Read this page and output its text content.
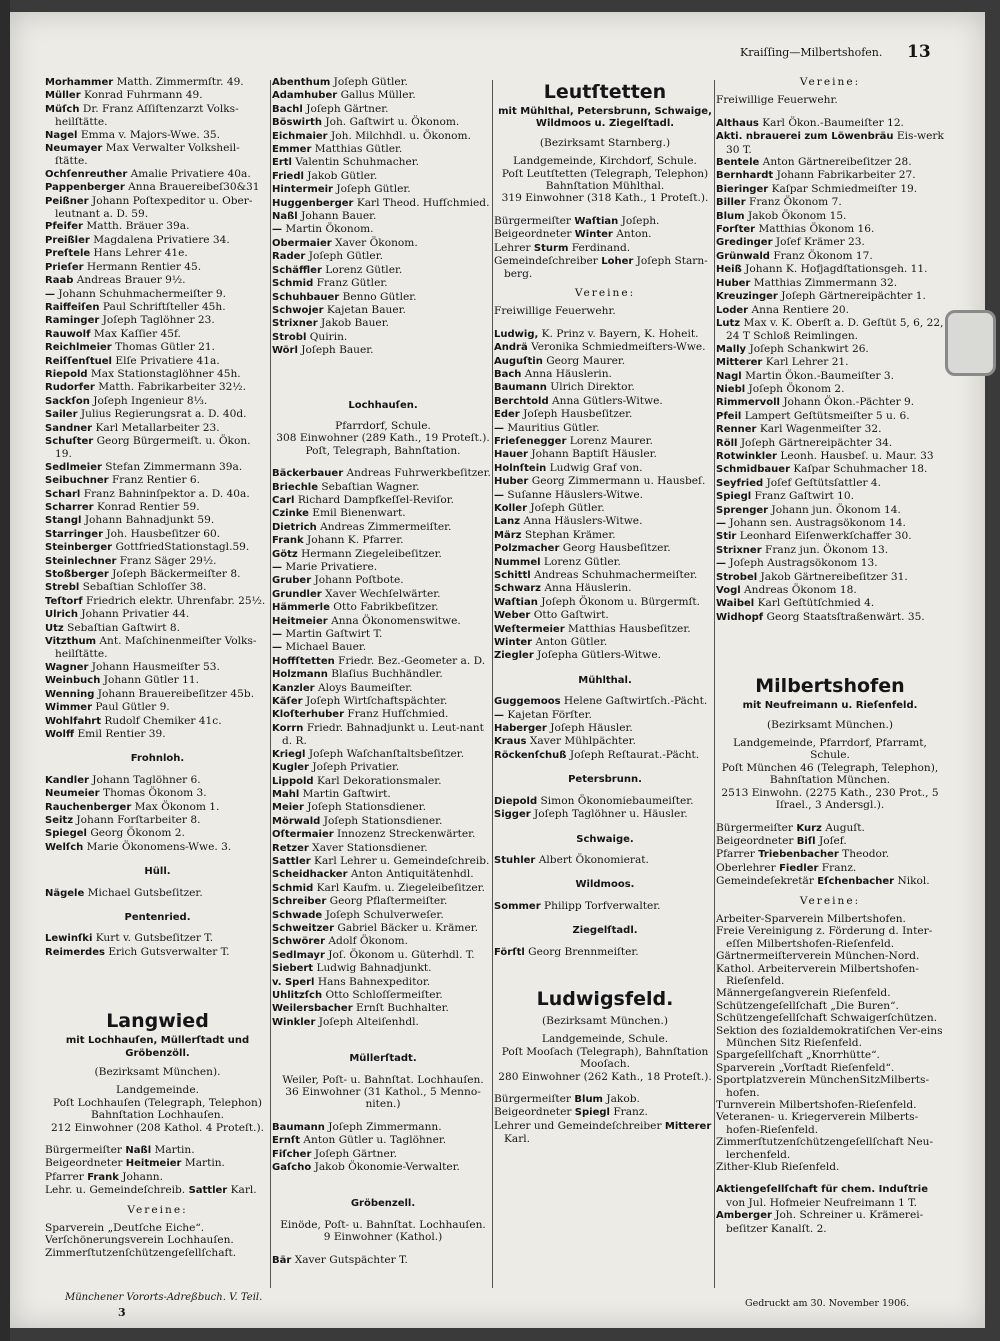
Kraiſſing—Milbertshofen. 13

Morhammer Matth. Zimmermſtr. 49.

Müller Konrad Fuhrmann 49.

Müſch Dr. Franz Aſſiſtenzarzt Volks-heilſtätte.

Nagel Emma v. Majors-Wwe. 35.

Neumayer Max Verwalter Volksheil-ſtätte.

Ochſenreuther Amalie Privatiere 40a.

Pappenberger Anna Brauereibeſ30&31

Peißner Johann Poſtexpeditor u. Ober-leutnant a. D. 59.

Pfeifer Matth. Bräuer 39a.

Preißler Magdalena Privatiere 34.

Preſtele Hans Lehrer 41e.

Prieſer Hermann Rentier 45.

Raab Andreas Brauer 9½.

— Johann Schuhmachermeiſter 9.

Raiffeiſen Paul Schriftſteller 45h.

Raminger Joſeph Taglöhner 23.

Rauwolf Max Kaſſier 45f.

Reichlmeier Thomas Gütler 21.

Reiſſenſtuel Elſe Privatiere 41a.

Riepold Max Stationstaglöhner 45h.

Rudorfer Matth. Fabrikarbeiter 32½.

Sackſon Joſeph Ingenieur 8⅓.

Sailer Julius Regierungsrat a. D. 40d.

Sandner Karl Metallarbeiter 23.

Schuſter Georg Bürgermeiſt. u. Ökon. 19.

Sedlmeier Stefan Zimmermann 39a.

Seibuchner Franz Rentier 6.

Scharl Franz Bahninſpektor a. D. 40a.

Scharrer Konrad Rentier 59.

Stangl Johann Bahnadjunkt 59.

Starringer Joh. Hausbeſitzer 60.

Steinberger GottfriedStationstagl.59.

Steinlechner Franz Säger 29½.

Stoßberger Joſeph Bäckermeiſter 8.

Strebl Sebaſtian Schloſſer 38.

Teſtorf Friedrich elektr. Uhrenfabr. 25½.

Ulrich Johann Privatier 44.

Utz Sebaſtian Gaſtwirt 8.

Vitzthum Ant. Maſchinenmeiſter Volks-heilſtätte.

Wagner Johann Hausmeiſter 53.

Weinbuch Johann Gütler 11.

Wenning Johann Brauereibeſitzer 45b.

Wimmer Paul Gütler 9.

Wohlfahrt Rudolf Chemiker 41c.

Wolff Emil Rentier 39.

Frohnloh.

Kandler Johann Taglöhner 6.

Neumeier Thomas Ökonom 3.

Rauchenberger Max Ökonom 1.

Seitz Johann Forſtarbeiter 8.

Spiegel Georg Ökonom 2.

Welſch Marie Ökonomens-Wwe. 3.

Hüll.

Nägele Michael Gutsbeſitzer.

Pentenried.

Lewinſki Kurt v. Gutsbeſitzer T.

Reimerdes Erich Gutsverwalter T.

Langwied
mit Lochhauſen, Müllerſtadt und Gröbenzöll.
(Bezirksamt München).
Landgemeinde.
Poſt Lochhauſen (Telegraph, Telephon)
Bahnſtation Lochhauſen.
212 Einwohner (208 Kathol. 4 Proteſt.).

Bürgermeiſter Naßl Martin.

Beigeordneter Heitmeier Martin.

Pfarrer Frank Johann.

Lehr. u. Gemeindeſchreib. Sattler Karl.

Vereine:
Sparverein „Deutſche Eiche“.
Verſchönerungsverein Lochhauſen.
Zimmerſtutzenſchützengeſellſchaft.

Abenthum Joſeph Gütler.

Adamhuber Gallus Müller.

Bachl Joſeph Gärtner.

Böswirth Joh. Gaſtwirt u. Ökonom.

Eichmaier Joh. Milchhdl. u. Ökonom.

Emmer Matthias Gütler.

Ertl Valentin Schuhmacher.

Friedl Jakob Gütler.

Hintermeir Joſeph Gütler.

Huggenberger Karl Theod. Hufſchmied.

Naßl Johann Bauer.

— Martin Ökonom.

Obermaier Xaver Ökonom.

Rader Joſeph Gütler.

Schäffler Lorenz Gütler.

Schmid Franz Gütler.

Schuhbauer Benno Gütler.

Schwojer Kajetan Bauer.

Strixner Jakob Bauer.

Strobl Quirin.

Wörl Joſeph Bauer.

Lochhauſen.
Pfarrdorf, Schule.
308 Einwohner (289 Kath., 19 Proteſt.).
Poſt, Telegraph, Bahnſtation.

Bäckerbauer Andreas Fuhrwerkbeſitzer.

Briechle Sebaſtian Wagner.

Carl Richard Dampfkeſſel-Reviſor.

Czinke Emil Bienenwart.

Dietrich Andreas Zimmermeiſter.

Frank Johann K. Pfarrer.

Götz Hermann Ziegeleibeſitzer.

— Marie Privatiere.

Gruber Johann Poſtbote.

Grundler Xaver Wechſelwärter.

Hämmerle Otto Fabrikbeſitzer.

Heitmeier Anna Ökonomenswitwe.

— Martin Gaſtwirt T.

— Michael Bauer.

Hoffſtetten Friedr. Bez.-Geometer a. D.

Holzmann Blaſius Buchhändler.

Kanzler Aloys Baumeiſter.

Käſer Joſeph Wirtſchaftspächter.

Kloſterhuber Franz Hufſchmied.

Korrn Friedr. Bahnadjunkt u. Leut-nant d. R.

Kriegl Joſeph Waſchanſtaltsbeſitzer.

Kugler Joſeph Privatier.

Lippold Karl Dekorationsmaler.

Mahl Martin Gaſtwirt.

Meier Joſeph Stationsdiener.

Mörwald Joſeph Stationsdiener.

Oſtermaier Innozenz Streckenwärter.

Retzer Xaver Stationsdiener.

Sattler Karl Lehrer u. Gemeindeſchreib.

Scheidhacker Anton Antiquitätenhdl.

Schmid Karl Kaufm. u. Ziegeleibeſitzer.

Schreiber Georg Pflaſtermeiſter.

Schwade Joſeph Schulverweſer.

Schweitzer Gabriel Bäcker u. Krämer.

Schwörer Adolf Ökonom.

Sedlmayr Joſ. Ökonom u. Güterhdl. T.

Siebert Ludwig Bahnadjunkt.

v. Sperl Hans Bahnexpeditor.

Uhlitzſch Otto Schloſſermeiſter.

Weilersbacher Ernſt Buchhalter.

Winkler Joſeph Alteiſenhdl.

Müllerſtadt.
Weiler, Poſt- u. Bahnſtat. Lochhauſen.
36 Einwohner (31 Kathol., 5 Menno-niten.)

Baumann Joſeph Zimmermann.

Ernſt Anton Gütler u. Taglöhner.

Fiſcher Joſeph Gärtner.

Gaſcho Jakob Ökonomie-Verwalter.

Gröbenzell.
Einöde, Poſt- u. Bahnſtat. Lochhauſen.
9 Einwohner (Kathol.)

Bär Xaver Gutspächter T.

Leutſtetten
mit Mühlthal, Petersbrunn, Schwaige, Wildmoos u. Ziegelſtadl.
(Bezirksamt Starnberg.)
Landgemeinde, Kirchdorf, Schule.
Poſt Leutſtetten (Telegraph, Telephon)
Bahnſtation Mühlthal.
319 Einwohner (318 Kath., 1 Proteſt.).

Bürgermeiſter Waſtian Joſeph.

Beigeordneter Winter Anton.

Lehrer Sturm Ferdinand.

Gemeindeſchreiber Loher Joſeph Starn-berg.

Vereine:
Freiwillige Feuerwehr.

Ludwig, K. Prinz v. Bayern, K. Hoheit.

Andrä Veronika Schmiedmeiſters-Wwe.

Auguſtin Georg Maurer.

Bach Anna Häuslerin.

Baumann Ulrich Direktor.

Berchtold Anna Gütlers-Witwe.

Eder Joſeph Hausbeſitzer.

— Mauritius Gütler.

Frieſenegger Lorenz Maurer.

Hauer Johann Baptiſt Häusler.

Holnſtein Ludwig Graf von.

Huber Georg Zimmermann u. Hausbeſ.

— Suſanne Häuslers-Witwe.

Koller Joſeph Gütler.

Lanz Anna Häuslers-Witwe.

März Stephan Krämer.

Polzmacher Georg Hausbeſitzer.

Nummel Lorenz Gütler.

Schittl Andreas Schuhmachermeiſter.

Schwarz Anna Häuslerin.

Waſtian Joſeph Ökonom u. Bürgermſt.

Weber Otto Gaſtwirt.

Weſtermeier Matthias Hausbeſitzer.

Winter Anton Gütler.

Ziegler Joſepha Gütlers-Witwe.

Mühlthal.

Guggemoos Helene Gaſtwirtſch.-Pächt.

— Kajetan Förſter.

Haberger Joſeph Häusler.

Kraus Xaver Mühlpächter.

Röckenſchuß Joſeph Reſtaurat.-Pächt.

Petersbrunn.

Diepold Simon Ökonomiebaumeiſter.

Sigger Joſeph Taglöhner u. Häusler.

Schwaige.

Stuhler Albert Ökonomierat.

Wildmoos.

Sommer Philipp Torfverwalter.

Ziegelſtadl.

Förſtl Georg Brennmeiſter.

Ludwigsfeld.
(Bezirksamt München.)
Landgemeinde, Schule.
Poſt Mooſach (Telegraph), Bahnſtation Mooſach.
280 Einwohner (262 Kath., 18 Proteſt.).

Bürgermeiſter Blum Jakob.

Beigeordneter Spiegl Franz.

Lehrer und Gemeindeſchreiber Mitterer Karl.

Vereine:
Freiwillige Feuerwehr.

Althaus Karl Ökon.-Baumeiſter 12.

Akti. nbrauerei zum Löwenbräu Eis-werk 30 T.

Bentele Anton Gärtnereibeſitzer 28.

Bernhardt Johann Fabrikarbeiter 27.

Bieringer Kaſpar Schmiedmeiſter 19.

Biller Franz Ökonom 7.

Blum Jakob Ökonom 15.

Forſter Matthias Ökonom 16.

Gredinger Joſef Krämer 23.

Grünwald Franz Ökonom 17.

Heiß Johann K. Hofjagdſtationsgeh. 11.

Huber Matthias Zimmermann 32.

Kreuzinger Joſeph Gärtnereipächter 1.

Loder Anna Rentiere 20.

Lutz Max v. K. Oberſt a. D. Geſtüt 5, 6, 22, 24 T Schloß Reimlingen.

Mally Joſeph Schankwirt 26.

Mitterer Karl Lehrer 21.

Nagl Martin Ökon.-Baumeiſter 3.

Niebl Joſeph Ökonom 2.

Rimmervoll Johann Ökon.-Pächter 9.

Pfeil Lampert Geſtütsmeiſter 5 u. 6.

Renner Karl Wagenmeiſter 32.

Röll Joſeph Gärtnereipächter 34.

Rotwinkler Leonh. Hausbeſ. u. Maur. 33

Schmidbauer Kaſpar Schuhmacher 18.

Seyfried Joſef Geſtütsſattler 4.

Spiegl Franz Gaſtwirt 10.

Sprenger Johann jun. Ökonom 14.

— Johann sen. Austragsökonom 14.

Stir Leonhard Eiſenwerkſchaffer 30.

Strixner Franz jun. Ökonom 13.

— Joſeph Austragsökonom 13.

Strobel Jakob Gärtnereibeſitzer 31.

Vogl Andreas Ökonom 18.

Waibel Karl Geſtütſchmied 4.

Widhopf Georg Staatsſtraßenwärt. 35.

Milbertshofen
mit Neufreimann u. Rieſenfeld.
(Bezirksamt München.)
Landgemeinde, Pfarrdorf, Pfarramt, Schule.
Poſt München 46 (Telegraph, Telephon), Bahnſtation München.
2513 Einwohn. (2275 Kath., 230 Prot., 5 Iſrael., 3 Andersgl.).

Bürgermeiſter Kurz Auguſt.

Beigeordneter Biſl Joſef.

Pfarrer Triebenbacher Theodor.

Oberlehrer Fiedler Franz.

Gemeindeſekretär Eſchenbacher Nikol.

Vereine:
Arbeiter-Sparverein Milbertshofen.
Freie Vereinigung z. Förderung d. Inter-eſſen Milbertshofen-Rieſenfeld.
Gärtnermeiſterverein München-Nord.
Kathol. Arbeiterverein Milbertshofen-Rieſenfeld.
Männergeſangverein Rieſenfeld.
Schützengeſellſchaft „Die Buren“.
Schützengeſellſchaft Schwaigerſchützen.
Sektion des ſozialdemokratiſchen Ver-eins München Sitz Rieſenfeld.
Spargeſellſchaft „Knorrhütte“.
Sparverein „Vorſtadt Rieſenfeld“.
Sportplatzverein MünchenSitzMilberts-hofen.
Turnverein Milbertshofen-Rieſenfeld.
Veteranen- u. Kriegerverein Milberts-hofen-Rieſenfeld.
Zimmerſtutzenſchützengeſellſchaft Neu-lerchenfeld.
Zither-Klub Rieſenfeld.

Aktiengeſellſchaft für chem. Induſtrie von Jul. Hofmeier Neufreimann 1 T.

Amberger Joh. Schreiner u. Krämerei-beſitzer Kanalſt. 2.

Münchener Vororts-Adreßbuch. V. Teil.
3
Gedruckt am 30. November 1906.
